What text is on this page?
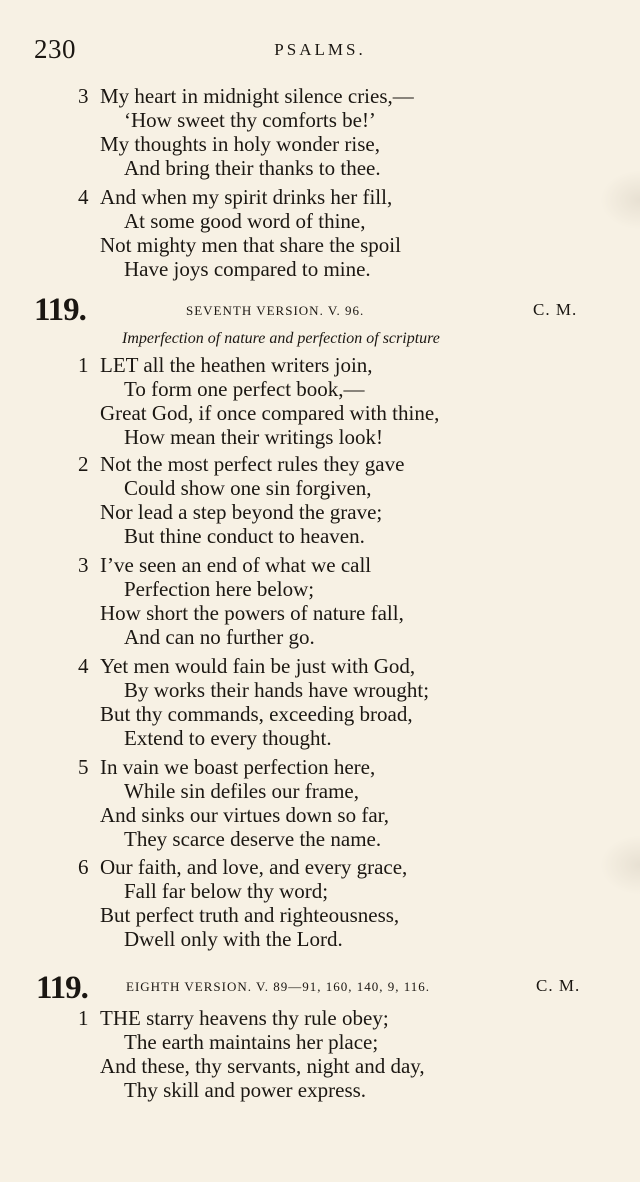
230	PSALMS.
3 My heart in midnight silence cries,—
‘How sweet thy comforts be!’
My thoughts in holy wonder rise,
And bring their thanks to thee.
4 And when my spirit drinks her fill,
At some good word of thine,
Not mighty men that share the spoil
Have joys compared to mine.
119.	SEVENTH VERSION. V. 96.	C. M.
Imperfection of nature and perfection of scripture
1 LET all the heathen writers join,
To form one perfect book,—
Great God, if once compared with thine,
How mean their writings look!
2 Not the most perfect rules they gave
Could show one sin forgiven,
Nor lead a step beyond the grave;
But thine conduct to heaven.
3 I’ve seen an end of what we call
Perfection here below;
How short the powers of nature fall,
And can no further go.
4 Yet men would fain be just with God,
By works their hands have wrought;
But thy commands, exceeding broad,
Extend to every thought.
5 In vain we boast perfection here,
While sin defiles our frame,
And sinks our virtues down so far,
They scarce deserve the name.
6 Our faith, and love, and every grace,
Fall far below thy word;
But perfect truth and righteousness,
Dwell only with the Lord.
119.	EIGHTH VERSION. V. 89—91, 160, 140, 9, 116.	C. M.
1 THE starry heavens thy rule obey;
The earth maintains her place;
And these, thy servants, night and day,
Thy skill and power express.
